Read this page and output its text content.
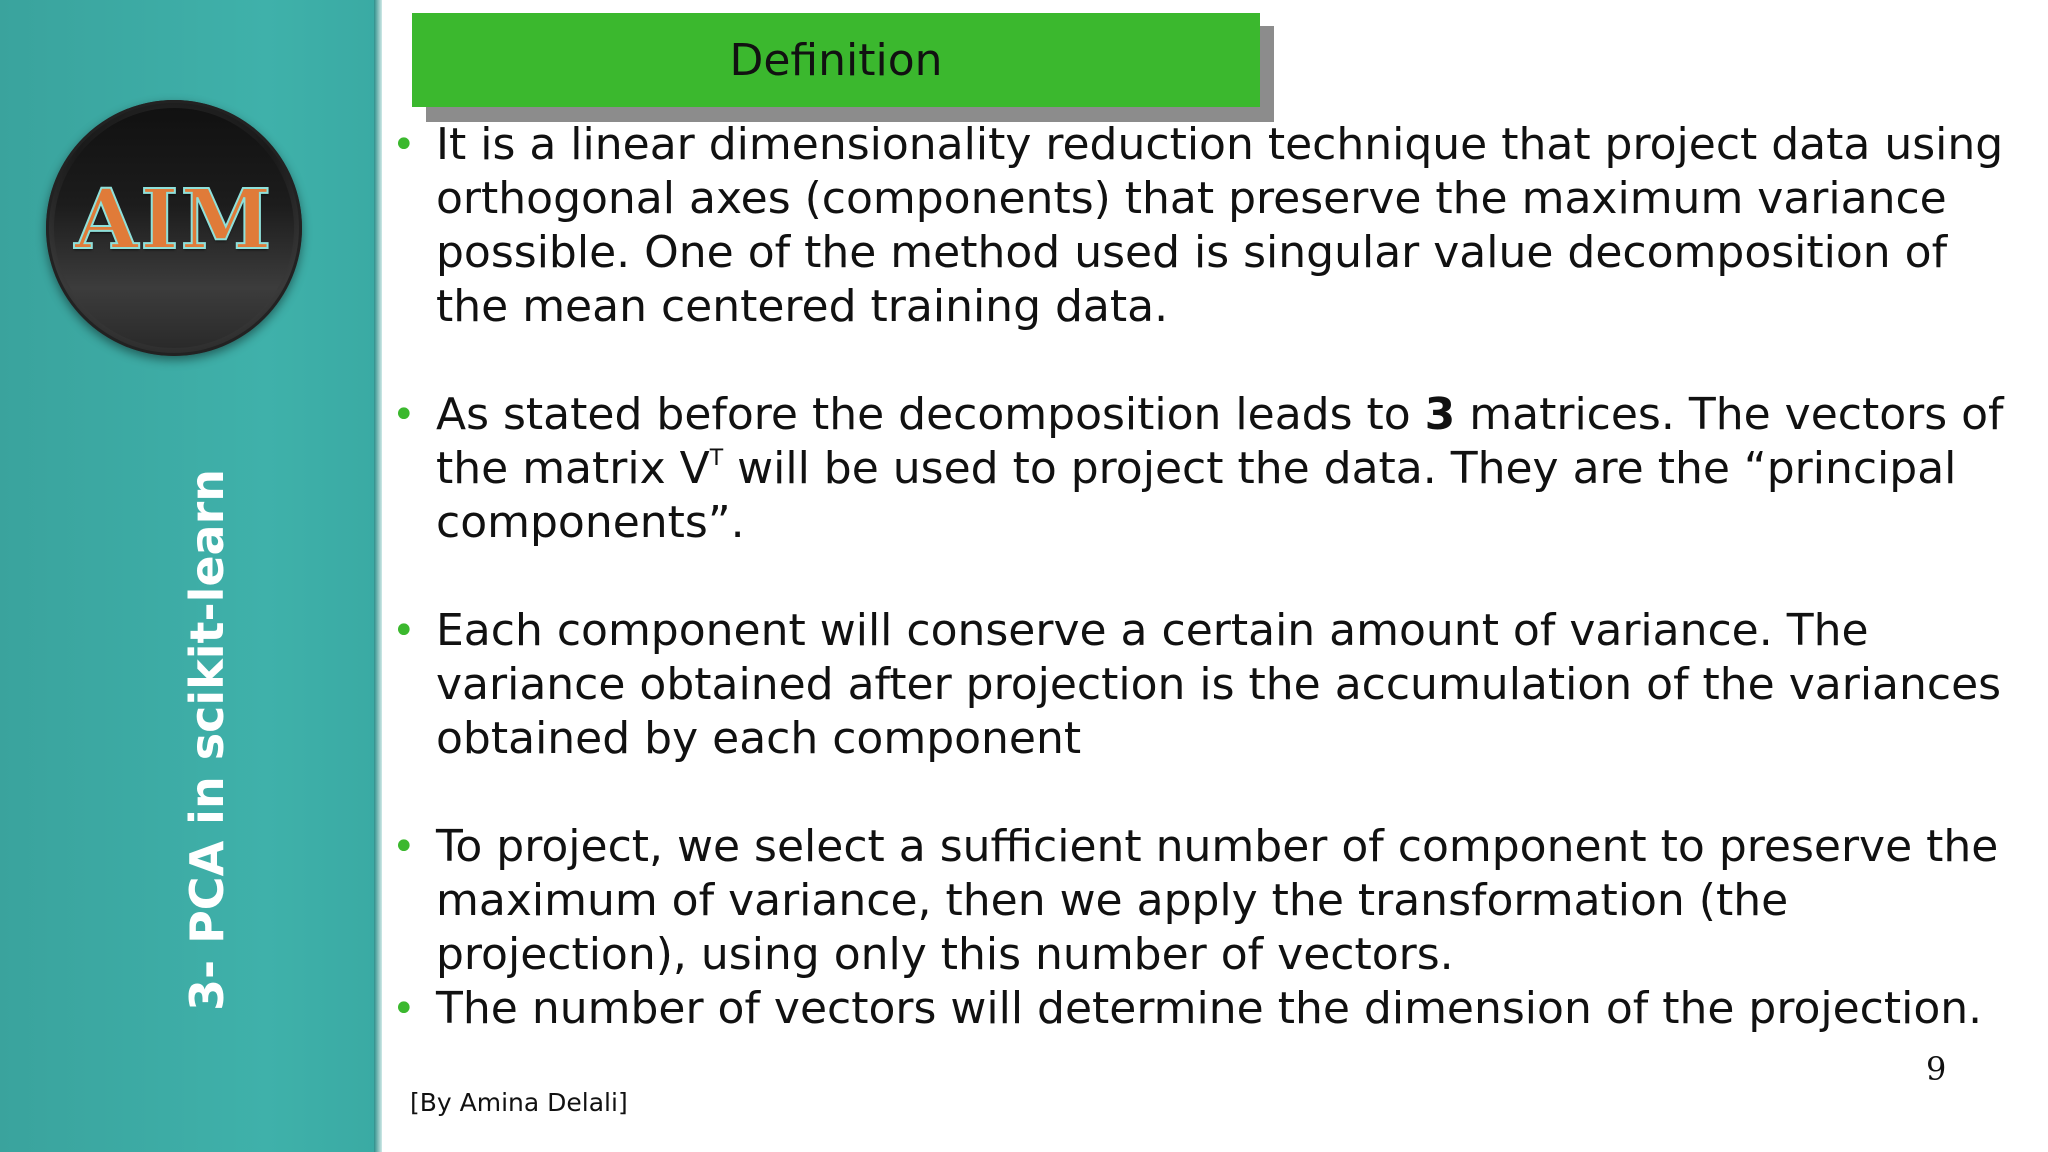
AIM
3- PCA in scikit-learn
Definition
• It is a linear dimensionality reduction technique that project data using orthogonal axes (components) that preserve the maximum variance possible. One of the method used is singular value decomposition of the mean centered training data.
• As stated before the decomposition leads to 3 matrices. The vectors of the matrix $V^T$ will be used to project the data. They are the “principal components”.
• Each component will conserve a certain amount of variance. The variance obtained after projection is the accumulation of the variances obtained by each component
• To project, we select a sufficient number of component to preserve the maximum of variance, then we apply the transformation (the projection), using only this number of vectors.
• The number of vectors will determine the dimension of the projection.
[By Amina Delali]
9
